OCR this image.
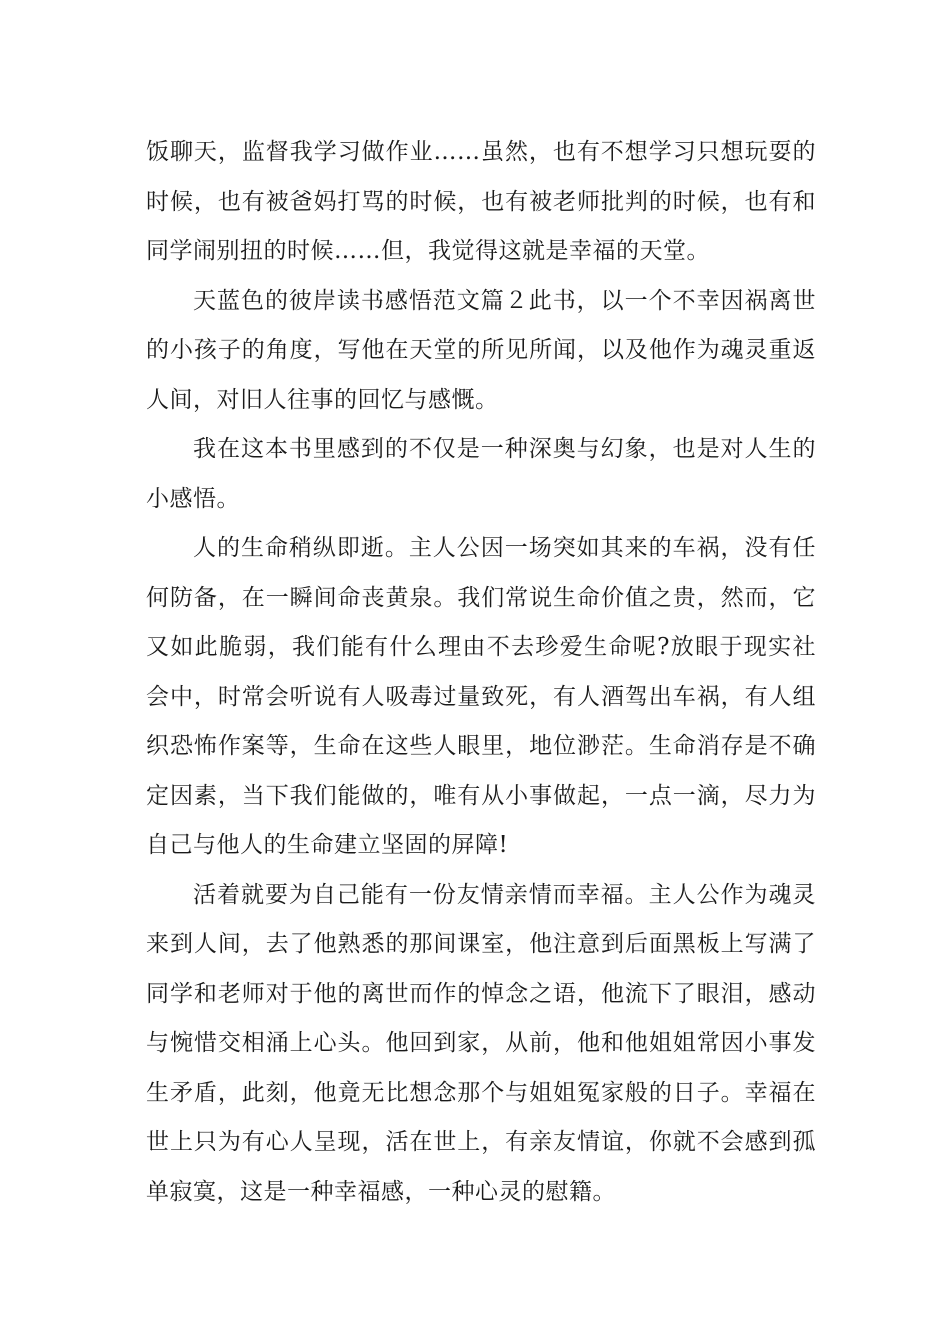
饭聊天，监督我学习做作业……虽然，也有不想学习只想玩耍的时候，也有被爸妈打骂的时候，也有被老师批判的时候，也有和同学闹别扭的时候……但，我觉得这就是幸福的天堂。

天蓝色的彼岸读书感悟范文篇２此书，以一个不幸因祸离世的小孩子的角度，写他在天堂的所见所闻，以及他作为魂灵重返人间，对旧人往事的回忆与感慨。

我在这本书里感到的不仅是一种深奥与幻象，也是对人生的小感悟。

人的生命稍纵即逝。主人公因一场突如其来的车祸，没有任何防备，在一瞬间命丧黄泉。我们常说生命价值之贵，然而，它又如此脆弱，我们能有什么理由不去珍爱生命呢?放眼于现实社会中，时常会听说有人吸毒过量致死，有人酒驾出车祸，有人组织恐怖作案等，生命在这些人眼里，地位渺茫。生命消存是不确定因素，当下我们能做的，唯有从小事做起，一点一滴，尽力为自己与他人的生命建立坚固的屏障!

活着就要为自己能有一份友情亲情而幸福。主人公作为魂灵来到人间，去了他熟悉的那间课室，他注意到后面黑板上写满了同学和老师对于他的离世而作的悼念之语，他流下了眼泪，感动与惋惜交相涌上心头。他回到家，从前，他和他姐姐常因小事发生矛盾，此刻，他竟无比想念那个与姐姐冤家般的日子。幸福在世上只为有心人呈现，活在世上，有亲友情谊，你就不会感到孤单寂寞，这是一种幸福感，一种心灵的慰籍。
